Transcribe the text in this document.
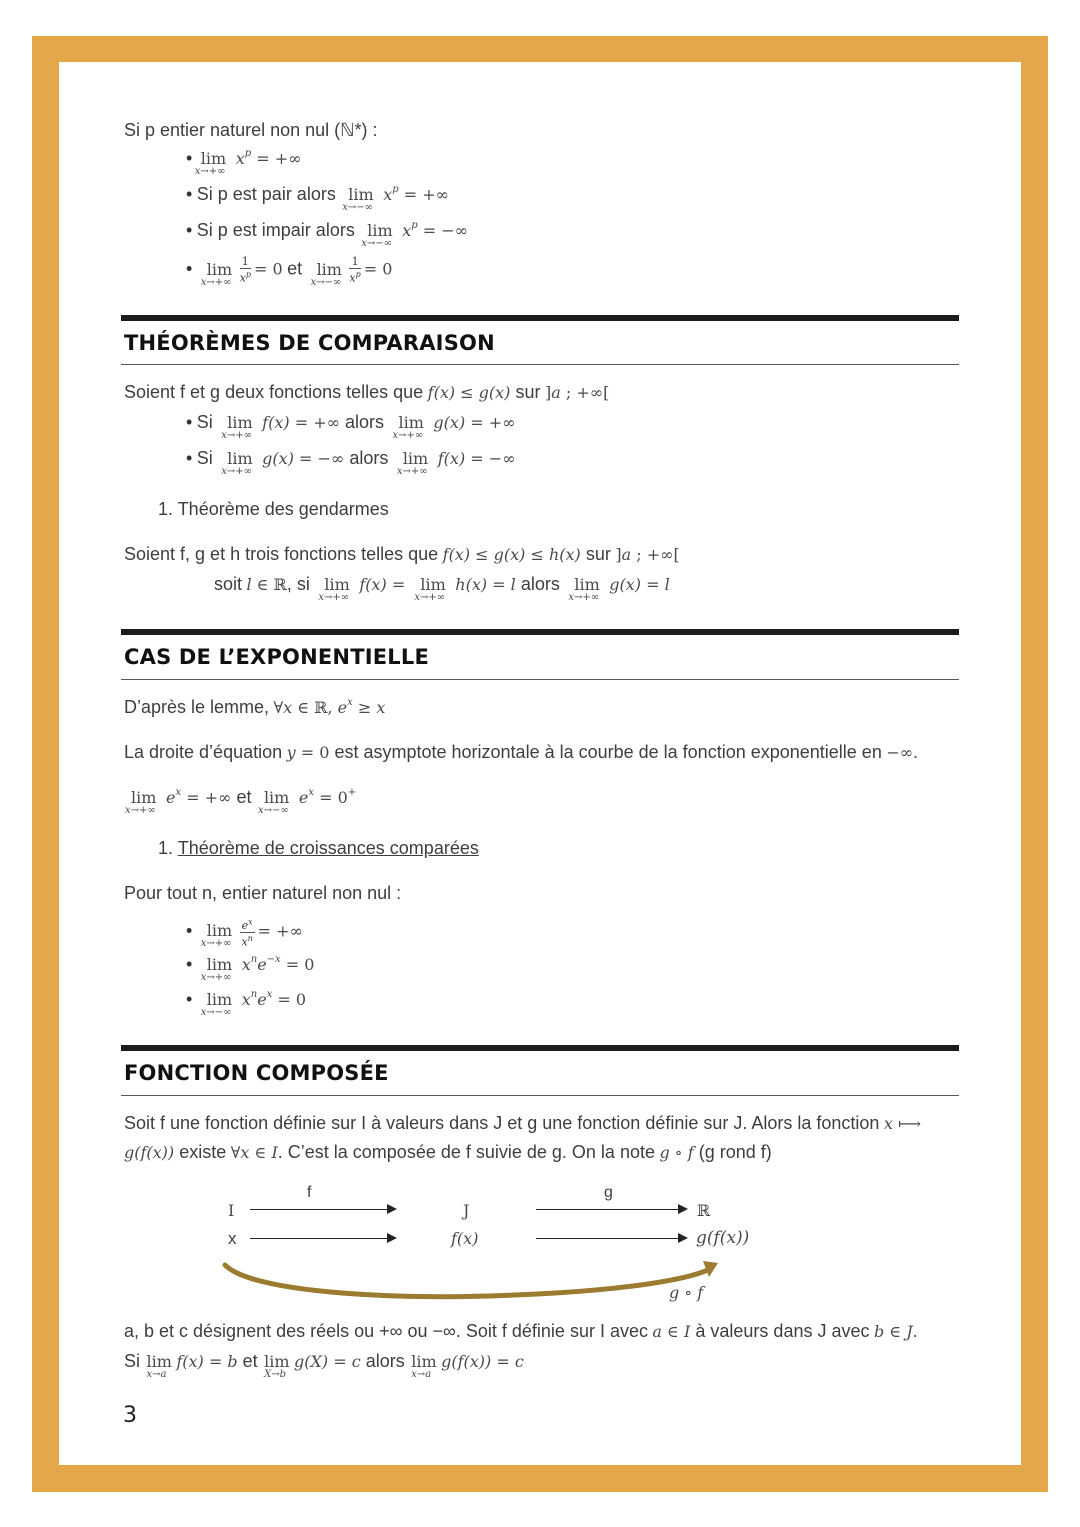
Si p entier naturel non nul (ℕ*) :
• lim
x→+∞
$x^p$ = +∞
• Si p est pair alors lim
x→−∞
$x^p$ = +∞
• Si p est impair alors lim
x→−∞
$x^p$ = −∞
• lim
x→+∞
$\frac{1}{x^p} = 0$ et lim
x→−∞
$\frac{1}{x^p} = 0$
THÉORÈMES DE COMPARAISON
Soient f et g deux fonctions telles que f(x) ≤ g(x) sur ]a ; +∞[
• Si lim
x→+∞
f(x) = +∞ alors lim
x→+∞
g(x) = +∞
• Si lim
x→+∞
g(x) = −∞ alors lim
x→+∞
f(x) = −∞
1. Théorème des gendarmes
Soient f, g et h trois fonctions telles que f(x) ≤ g(x) ≤ h(x) sur ]a ; +∞[
soit l ∈ ℝ, si lim
x→+∞
f(x) = lim
x→+∞
h(x) = l alors lim
x→+∞
g(x) = l
CAS DE L’EXPONENTIELLE
D’après le lemme, ∀x ∈ ℝ, $e^x \ge x$
La droite d’équation y = 0 est asymptote horizontale à la courbe de la fonction exponentielle en −∞.
lim
x→+∞
$e^x$ = +∞ et lim
x→−∞
$e^x = 0^+$
1. Théorème de croissances comparées
Pour tout n, entier naturel non nul :
• lim
x→+∞
$\frac{e^x}{x^n}$ = +∞
• lim
x→+∞
$x^ne^{-x} = 0$
• lim
x→−∞
$x^ne^x = 0$
FONCTION COMPOSÉE
Soit f une fonction définie sur I à valeurs dans J et g une fonction définie sur J. Alors la fonction x ⟼
g(f(x)) existe ∀x ∈ I. C’est la composée de f suivie de g. On la note g ∘ f (g rond f)
I
x
f
J
f(x)
g
ℝ
g(f(x))
g ∘ f
a, b et c désignent des réels ou +∞ ou −∞. Soit f définie sur I avec a ∈ I à valeurs dans J avec b ∈ J.
Si lim
x→a
f(x) = b et lim
X→b
g(X) = c alors lim
x→a
g(f(x)) = c
3
